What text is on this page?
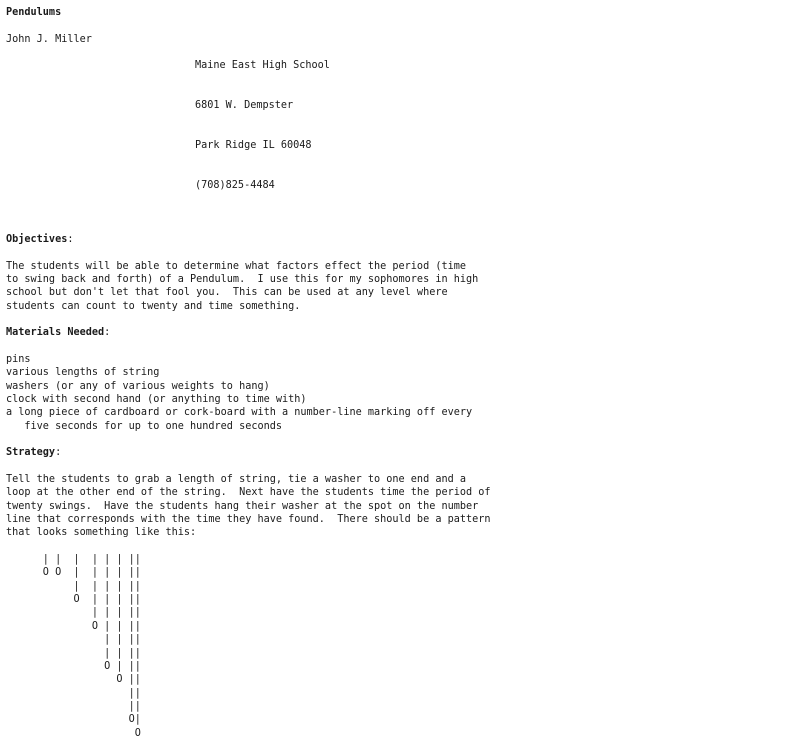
Pendulums
John J. Miller

Maine East High School

6801 W. Dempster

Park Ridge IL 60048

(708)825-4484

Objectives:
The students will be able to determine what factors effect the period (time
to swing back and forth) of a Pendulum.  I use this for my sophomores in high
school but don't let that fool you.  This can be used at any level where
students can count to twenty and time something.
Materials Needed:
pins
various lengths of string
washers (or any of various weights to hang)
clock with second hand (or anything to time with)
a long piece of cardboard or cork-board with a number-line marking off every
five seconds for up to one hundred seconds
Strategy:
Tell the students to grab a length of string, tie a washer to one end and a
loop at the other end of the string.  Next have the students time the period of
twenty swings.  Have the students hang their washer at the spot on the number
line that corresponds with the time they have found.  There should be a pattern
that looks something like this:
| |  |  | | | ||
O O  |  | | | ||
|  | | | ||
O  | | | ||
| | | ||
O | | ||
| | ||
| | ||
O | ||
O ||
||
||
O|
O
